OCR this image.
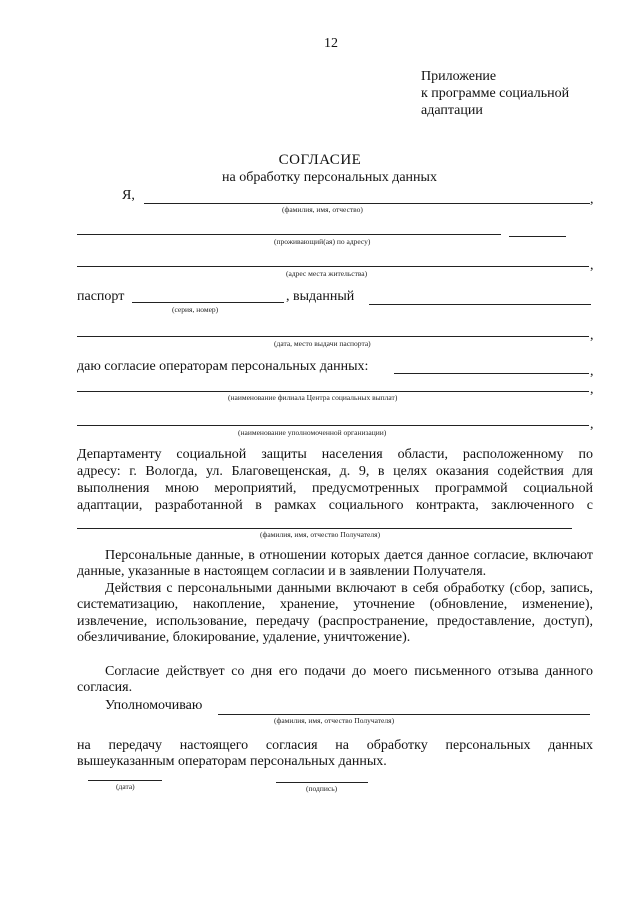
12
Приложение
к программе социальной
адаптации
СОГЛАСИЕ
на обработку персональных данных
Я,	,
(фамилия, имя, отчество)
(проживающий(ая) по адресу)
,
(адрес места жительства)
паспорт	, выданный
(серия, номер)
,
(дата, место выдачи паспорта)
даю согласие операторам персональных данных:	,
,
(наименование филиала Центра социальных выплат)
,
(наименование уполномоченной организации)
Департаменту социальной защиты населения области, расположенному по
адресу: г. Вологда, ул. Благовещенская, д. 9, в целях оказания содействия для
выполнения мною мероприятий, предусмотренных программой социальной
адаптации, разработанной в рамках социального контракта, заключенного с
(фамилия, имя, отчество Получателя)
Персональные данные, в отношении которых дается данное согласие, включают данные, указанные в настоящем согласии и в заявлении Получателя.
Действия с персональными данными включают в себя обработку (сбор, запись, систематизацию, накопление, хранение, уточнение (обновление, изменение), извлечение, использование, передачу (распространение, предоставление, доступ), обезличивание, блокирование, удаление, уничтожение).
Согласие действует со дня его подачи до моего письменного отзыва данного согласия.
Уполномочиваю
(фамилия, имя, отчество Получателя)
на передачу настоящего согласия на обработку персональных данных вышеуказанным операторам персональных данных.
(дата)	(подпись)
